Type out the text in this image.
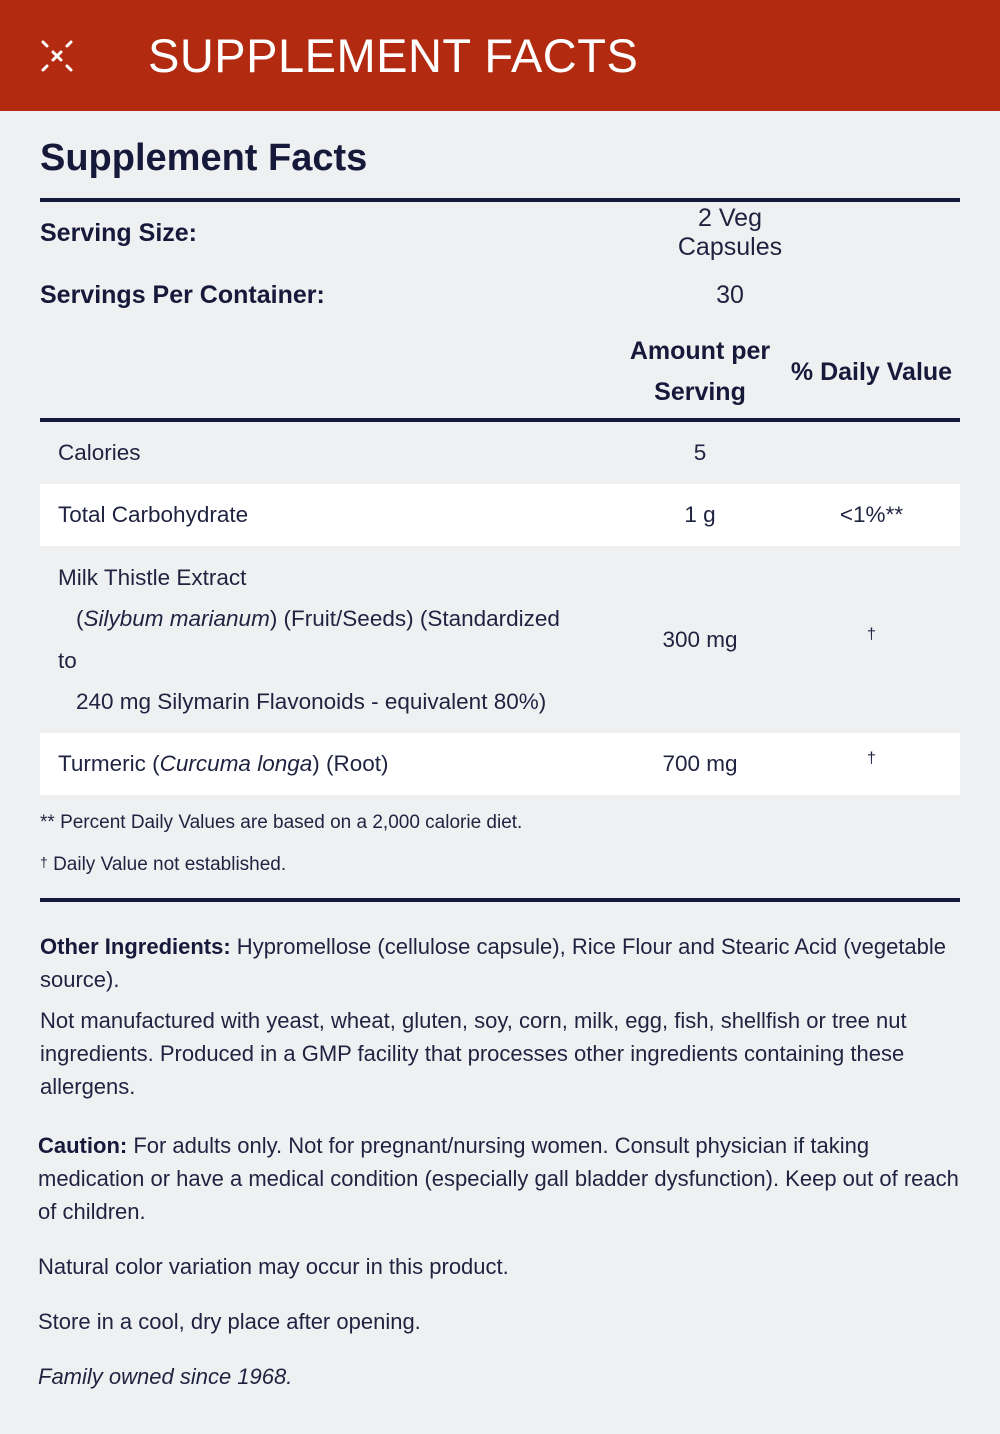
SUPPLEMENT FACTS
Supplement Facts
Serving Size:
2 Veg Capsules
Servings Per Container:	30
Amount per
Serving
% Daily Value
Calories	5
Total Carbohydrate	1 g	<1%**
Milk Thistle Extract
(Silybum marianum) (Fruit/Seeds) (Standardized
to
240 mg Silymarin Flavonoids - equivalent 80%)
300 mg	†
Turmeric (Curcuma longa) (Root)	700 mg	†
** Percent Daily Values are based on a 2,000 calorie diet.
† Daily Value not established.

Other Ingredients: Hypromellose (cellulose capsule), Rice Flour and Stearic Acid (vegetable source).

Not manufactured with yeast, wheat, gluten, soy, corn, milk, egg, fish, shellfish or tree nut ingredients. Produced in a GMP facility that processes other ingredients containing these allergens.

Caution: For adults only. Not for pregnant/nursing women. Consult physician if taking medication or have a medical condition (especially gall bladder dysfunction). Keep out of reach of children.

Natural color variation may occur in this product.

Store in a cool, dry place after opening.

Family owned since 1968.
